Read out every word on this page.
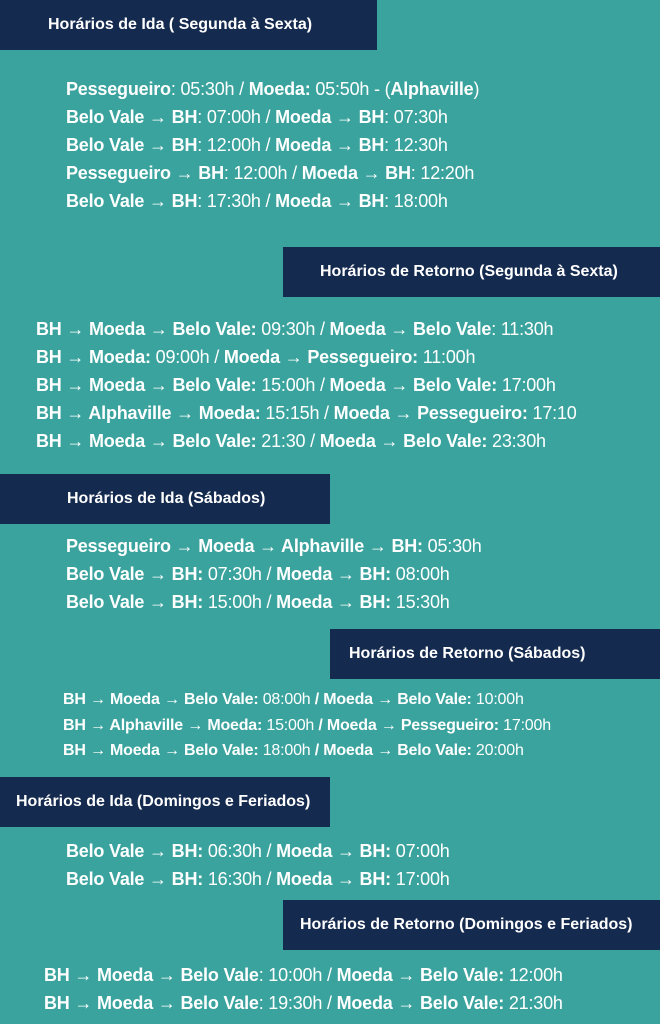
Horários de Ida ( Segunda à Sexta)
Pessegueiro: 05:30h / Moeda: 05:50h - (Alphaville)
Belo Vale → BH: 07:00h / Moeda → BH: 07:30h
Belo Vale → BH: 12:00h / Moeda → BH: 12:30h
Pessegueiro → BH: 12:00h / Moeda → BH: 12:20h
Belo Vale → BH: 17:30h / Moeda → BH: 18:00h
Horários de Retorno (Segunda à Sexta)
BH → Moeda → Belo Vale: 09:30h / Moeda → Belo Vale: 11:30h
BH → Moeda: 09:00h / Moeda → Pessegueiro: 11:00h
BH → Moeda → Belo Vale: 15:00h / Moeda → Belo Vale: 17:00h
BH → Alphaville → Moeda: 15:15h / Moeda → Pessegueiro: 17:10
BH → Moeda → Belo Vale: 21:30 / Moeda → Belo Vale: 23:30h
Horários de Ida (Sábados)
Pessegueiro → Moeda → Alphaville → BH: 05:30h
Belo Vale → BH: 07:30h / Moeda → BH: 08:00h
Belo Vale → BH: 15:00h / Moeda → BH: 15:30h
Horários de Retorno (Sábados)
BH → Moeda → Belo Vale: 08:00h / Moeda → Belo Vale: 10:00h
BH → Alphaville → Moeda: 15:00h / Moeda → Pessegueiro: 17:00h
BH → Moeda → Belo Vale: 18:00h / Moeda → Belo Vale: 20:00h
Horários de Ida (Domingos e Feriados)
Belo Vale → BH: 06:30h / Moeda → BH: 07:00h
Belo Vale → BH: 16:30h / Moeda → BH: 17:00h
Horários de Retorno (Domingos e Feriados)
BH → Moeda → Belo Vale: 10:00h / Moeda → Belo Vale: 12:00h
BH → Moeda → Belo Vale: 19:30h / Moeda → Belo Vale: 21:30h
